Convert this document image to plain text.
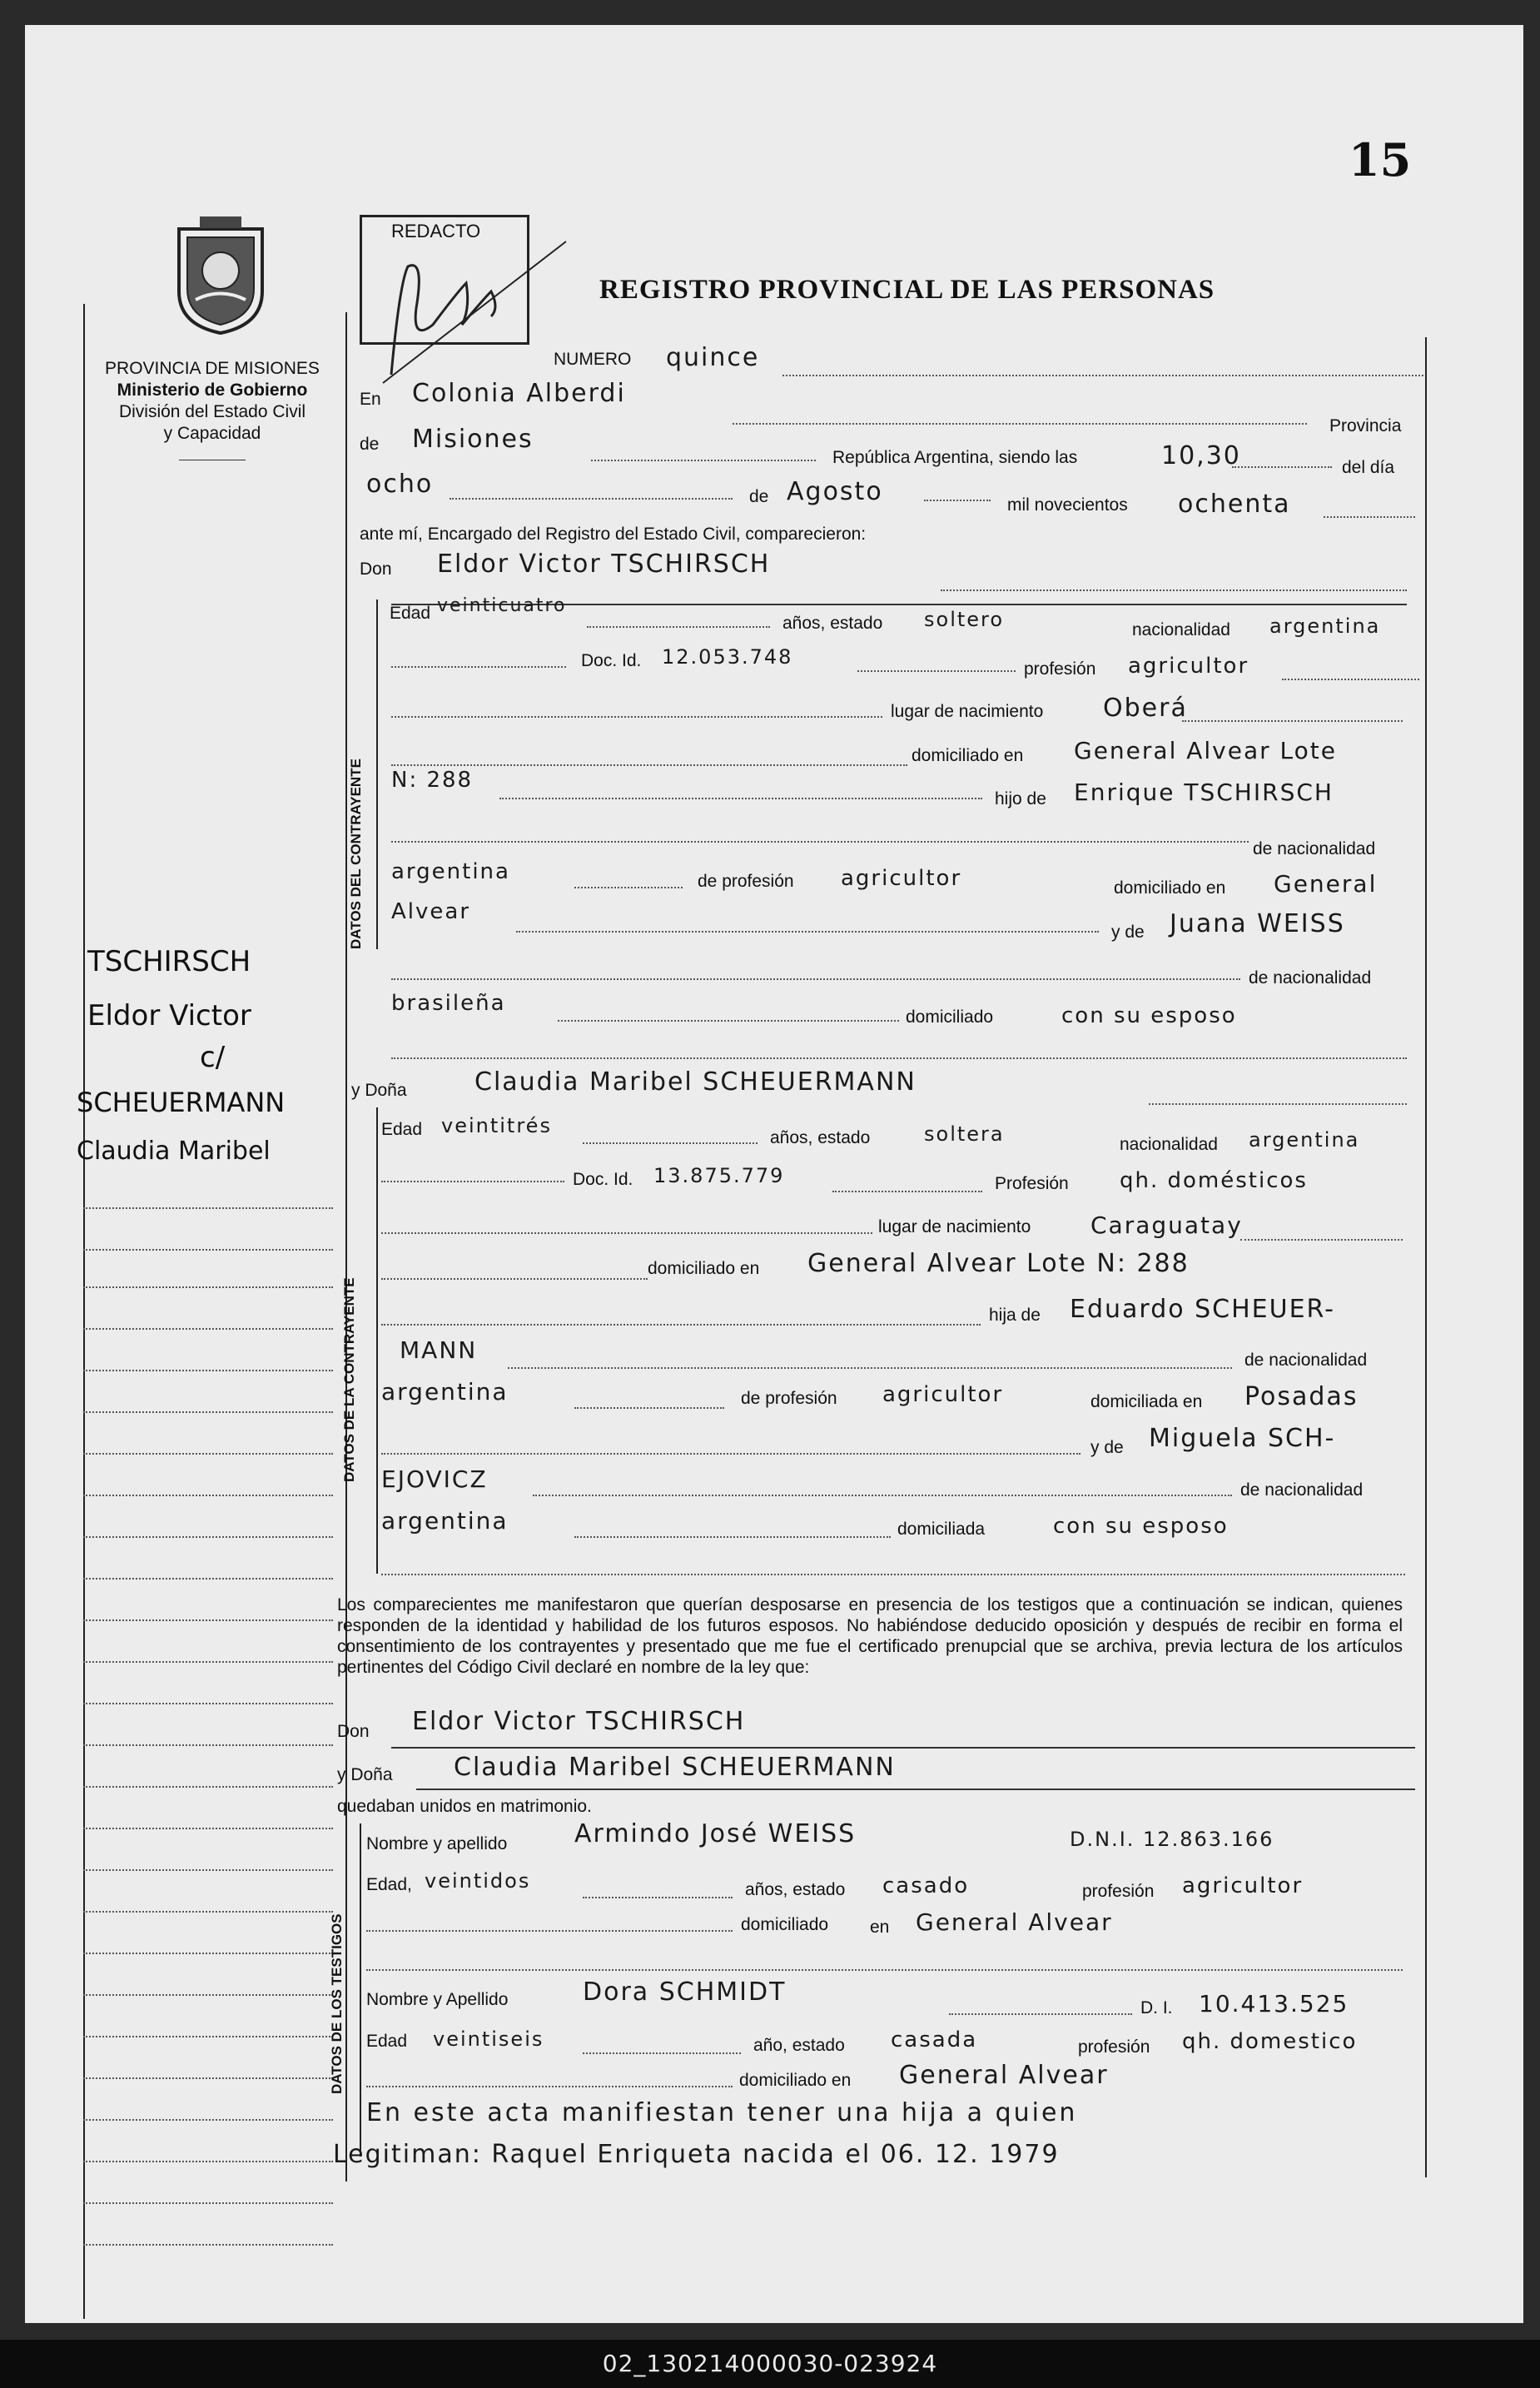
15
PROVINCIA DE MISIONES
Ministerio de Gobierno
División del Estado Civil
y Capacidad
TSCHIRSCH
Eldor Victor
c/
SCHEUERMANN
Claudia Maribel
REDACTO
REGISTRO PROVINCIAL DE LAS PERSONAS
NUMERO quince
En Colonia Alberdi
Provincia
de Misiones
República Argentina, siendo las	10,30	del día
ocho	de Agosto	mil novecientos ochenta
ante mí, Encargado del Registro del Estado Civil, comparecieron:
Don Eldor Victor TSCHIRSCH
DATOS DEL CONTRAYENTE
Edad veinticuatro
años, estado soltero	nacionalidad argentina
Doc. Id. 12.053.748
profesión agricultor
lugar de nacimiento Oberá
domiciliado en General Alvear Lote
N: 288
hijo de Enrique TSCHIRSCH
de nacionalidad
argentina	de profesión agricultor	domiciliado en General
Alvear
y de Juana WEISS
de nacionalidad
brasileña
domiciliado	con su esposo
y Doña	Claudia Maribel SCHEUERMANN
DATOS DE LA CONTRAYENTE
Edad veintitrés
años, estado	soltera	nacionalidad argentina
Doc. Id. 13.875.779	Profesión qh. domésticos
lugar de nacimiento	Caraguatay
domiciliado en General Alvear Lote N: 288
hija de Eduardo SCHEUER-
MANN	de nacionalidad
argentina	de profesión agricultor	domiciliada en Posadas
y de Miguela SCH-
EJOVICZ	de nacionalidad
argentina	domiciliada	con su esposo
Los comparecientes me manifestaron que querían desposarse en presencia de los testigos que a continuación se indican, quienes responden de la identidad y habilidad de los futuros esposos. No habiéndose deducido oposición y después de recibir en forma el consentimiento de los contrayentes y presentado que me fue el certificado prenupcial que se archiva, previa lectura de los artículos pertinentes del Código Civil declaré en nombre de la ley que:
Don Eldor Victor TSCHIRSCH
y Doña Claudia Maribel SCHEUERMANN
quedaban unidos en matrimonio.
DATOS DE LOS TESTIGOS
Nombre y apellido	Armindo José WEISS	D.N.I. 12.863.166
Edad, veintidos	años, estado casado	profesión agricultor
domiciliado en General Alvear
Nombre y Apellido	Dora SCHMIDT
D. I. 10.413.525
Edad veintiseis	año, estado casada	profesión qh. domestico
domiciliado en General Alvear
En este acta manifiestan tener una hija a quien
Legitiman: Raquel Enriqueta nacida el 06. 12. 1979
02_130214000030-023924
